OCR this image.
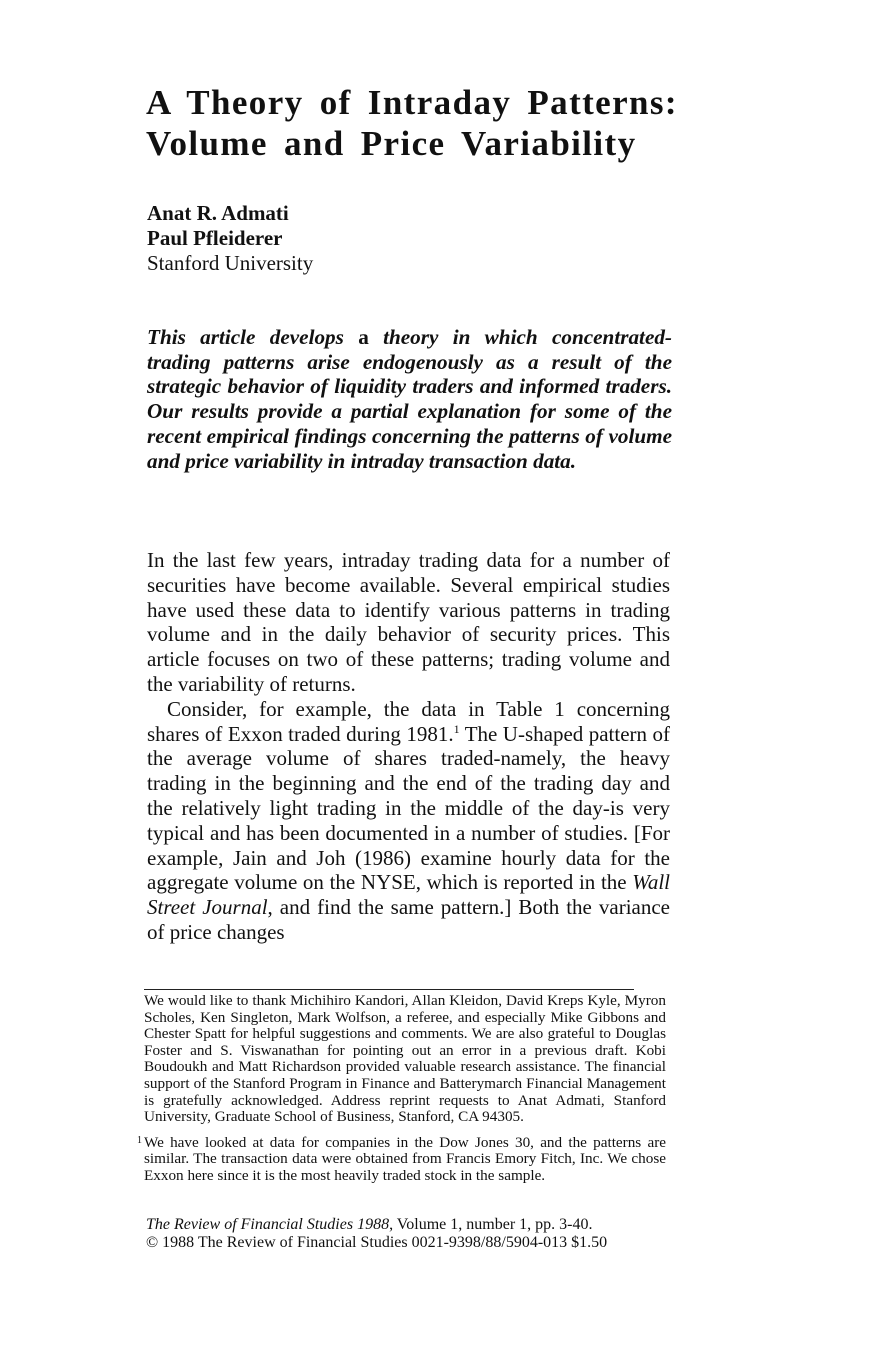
A Theory of Intraday Patterns:
Volume and Price Variability
Anat R. Admati
Paul Pfleiderer
Stanford University

This article develops a theory in which concentrated-trading patterns arise endogenously as a result of the strategic behavior of liquidity traders and informed traders. Our results provide a partial explanation for some of the recent empirical findings concerning the patterns of volume and price variability in intraday transaction data.

In the last few years, intraday trading data for a number of securities have become available. Several empirical studies have used these data to identify various patterns in trading volume and in the daily behavior of security prices. This article focuses on two of these patterns; trading volume and the variability of returns.

Consider, for example, the data in Table 1 concerning shares of Exxon traded during 1981.$^1$ The U-shaped pattern of the average volume of shares traded-namely, the heavy trading in the beginning and the end of the trading day and the relatively light trading in the middle of the day-is very typical and has been documented in a number of studies. [For example, Jain and Joh (1986) examine hourly data for the aggregate volume on the NYSE, which is reported in the Wall Street Journal, and find the same pattern.] Both the variance of price changes

We would like to thank Michihiro Kandori, Allan Kleidon, David Kreps Kyle, Myron Scholes, Ken Singleton, Mark Wolfson, a referee, and especially Mike Gibbons and Chester Spatt for helpful suggestions and comments. We are also grateful to Douglas Foster and S. Viswanathan for pointing out an error in a previous draft. Kobi Boudoukh and Matt Richardson provided valuable research assistance. The financial support of the Stanford Program in Finance and Batterymarch Financial Management is gratefully acknowledged. Address reprint requests to Anat Admati, Stanford University, Graduate School of Business, Stanford, CA 94305.

1 We have looked at data for companies in the Dow Jones 30, and the patterns are similar. The transaction data were obtained from Francis Emory Fitch, Inc. We chose Exxon here since it is the most heavily traded stock in the sample.

The Review of Financial Studies 1988, Volume 1, number 1, pp. 3-40.
© 1988 The Review of Financial Studies 0021-9398/88/5904-013 $1.50
